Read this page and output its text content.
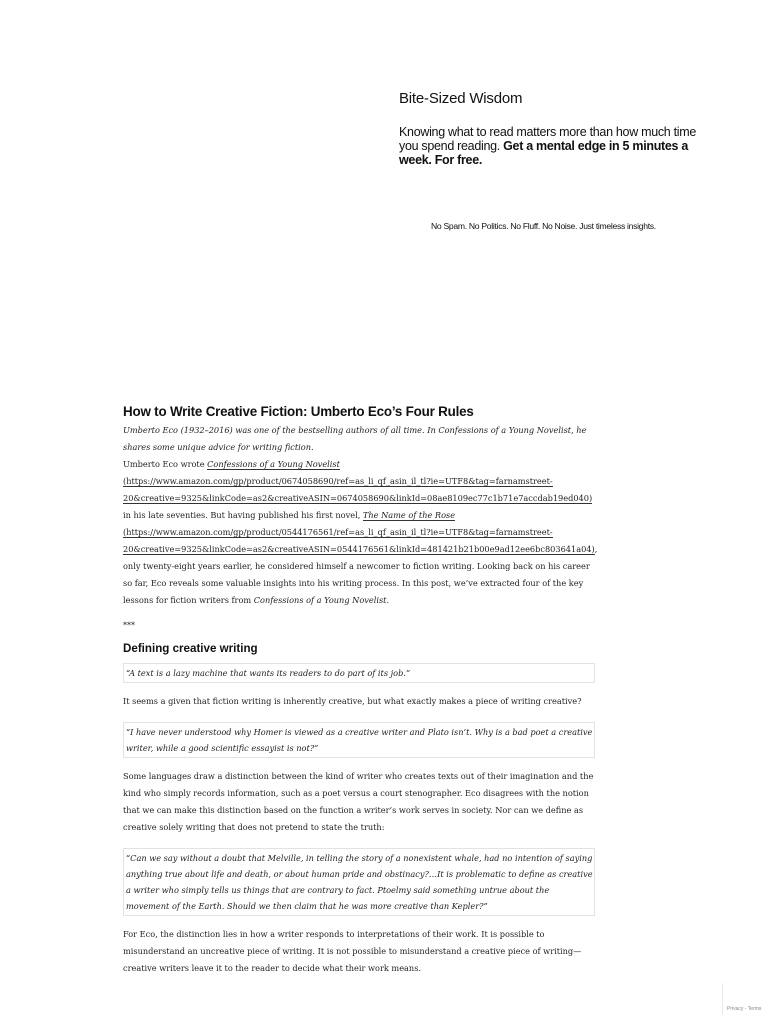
Bite-Sized Wisdom

Knowing what to read matters more than how much time you spend reading. Get a mental edge in 5 minutes a week. For free.

No Spam. No Politics. No Fluff. No Noise. Just timeless insights.
How to Write Creative Fiction: Umberto Eco’s Four Rules

Umberto Eco (1932–2016) was one of the bestselling authors of all time. In Confessions of a Young Novelist, he shares some unique advice for writing fiction.

Umberto Eco wrote Confessions of a Young Novelist (https://www.amazon.com/gp/product/0674058690/ref=as_li_qf_asin_il_tl?ie=UTF8&tag=farnamstreet-20&creative=9325&linkCode=as2&creativeASIN=0674058690&linkId=08ae8109ec77c1b71e7accdab19ed040) in his late seventies. But having published his first novel, The Name of the Rose (https://www.amazon.com/gp/product/0544176561/ref=as_li_qf_asin_il_tl?ie=UTF8&tag=farnamstreet-20&creative=9325&linkCode=as2&creativeASIN=0544176561&linkId=481421b21b00e9ad12ee6bc803641a04), only twenty-eight years earlier, he considered himself a newcomer to fiction writing. Looking back on his career so far, Eco reveals some valuable insights into his writing process. In this post, we’ve extracted four of the key lessons for fiction writers from Confessions of a Young Novelist.

***
Defining creative writing
“A text is a lazy machine that wants its readers to do part of its job.”

It seems a given that fiction writing is inherently creative, but what exactly makes a piece of writing creative?

“I have never understood why Homer is viewed as a creative writer and Plato isn’t. Why is a bad poet a creative writer, while a good scientific essayist is not?”

Some languages draw a distinction between the kind of writer who creates texts out of their imagination and the kind who simply records information, such as a poet versus a court stenographer. Eco disagrees with the notion that we can make this distinction based on the function a writer’s work serves in society. Nor can we define as creative solely writing that does not pretend to state the truth:

“Can we say without a doubt that Melville, in telling the story of a nonexistent whale, had no intention of saying anything true about life and death, or about human pride and obstinacy?…It is problematic to define as creative a writer who simply tells us things that are contrary to fact. Ptoelmy said something untrue about the movement of the Earth. Should we then claim that he was more creative than Kepler?”

For Eco, the distinction lies in how a writer responds to interpretations of their work. It is possible to misunderstand an uncreative piece of writing. It is not possible to misunderstand a creative piece of writing—creative writers leave it to the reader to decide what their work means.

Privacy - Terms
